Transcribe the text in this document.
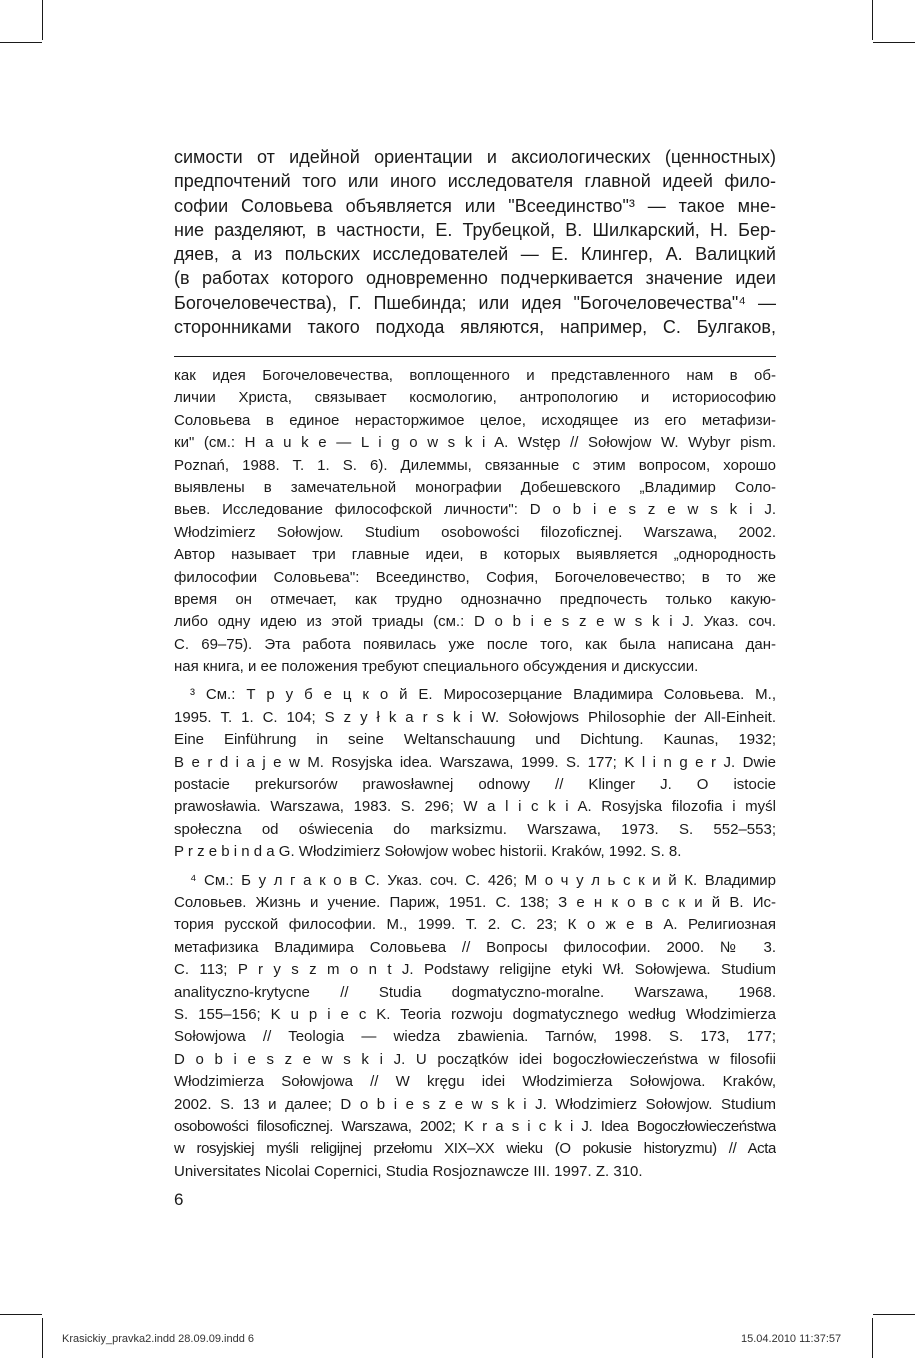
симости от идейной ориентации и аксиологических (ценностных)
предпочтений того или иного исследователя главной идеей фило-
софии Соловьева объявляется или "Всеединство"³ — такое мне-
ние разделяют, в частности, Е. Трубецкой, В. Шилкарский, Н. Бер-
дяев, а из польских исследователей — Е. Клингер, А. Валицкий
(в работах которого одновременно подчеркивается значение идеи
Богочеловечества), Г. Пшебинда; или идея "Богочеловечества"⁴ —
сторонниками такого подхода являются, например, С. Булгаков,
как идея Богочеловечества, воплощенного и представленного нам в об-
личии Христа, связывает космологию, антропологию и историософию
Соловьева в единое нерасторжимое целое, исходящее из его метафизи-
ки" (см.: H a u k e — L i g o w s k i A. Wstęp // Sołowjow W. Wybyr pism.
Poznań, 1988. T. 1. S. 6). Дилеммы, связанные с этим вопросом, хорошо
выявлены в замечательной монографии Добешевского „Владимир Соло-
вьев. Исследование философской личности": D o b i e s z e w s k i J.
Włodzimierz Sołowjow. Studium osobowości filozoficznej. Warszawa, 2002.
Автор называет три главные идеи, в которых выявляется „однородность
философии Соловьева": Всеединство, София, Богочеловечество; в то же
время он отмечает, как трудно однозначно предпочесть только какую-
либо одну идею из этой триады (см.: D o b i e s z e w s k i J. Указ. соч.
С. 69–75). Эта работа появилась уже после того, как была написана дан-
ная книга, и ее положения требуют специального обсуждения и дискуссии.
³ См.: Т р у б е ц к о й Е. Миросозерцание Владимира Соловьева. М.,
1995. Т. 1. С. 104; S z y ł k a r s k i W. Sołowjows Philosophie der All-Einheit.
Eine Einführung in seine Weltanschauung und Dichtung. Kaunas, 1932;
B e r d i a j e w M. Rosyjska idea. Warszawa, 1999. S. 177; K l i n g e r J. Dwie
postacie prekursorów prawosławnej odnowy // Klinger J. O istocie
prawosławia. Warszawa, 1983. S. 296; W a l i c k i A. Rosyjska filozofia i myśl
społeczna od oświecenia do marksizmu. Warszawa, 1973. S. 552–553;
P r z e b i n d a G. Włodzimierz Sołowjow wobec historii. Kraków, 1992. S. 8.
⁴ См.: Б у л г а к о в С. Указ. соч. С. 426; М о ч у л ь с к и й К. Владимир
Соловьев. Жизнь и учение. Париж, 1951. С. 138; З е н к о в с к и й В. Ис-
тория русской философии. М., 1999. Т. 2. С. 23; К о ж е в А. Религиозная
метафизика Владимира Соловьева // Вопросы философии. 2000. № 3.
С. 113; P r y s z m o n t J. Podstawy religijne etyki Wł. Sołowjewa. Studium
analityczno-krytycne // Studia dogmatyczno-moralne. Warszawa, 1968.
S. 155–156; K u p i e c K. Teoria rozwoju dogmatycznego według Włodzimierza
Sołowjowa // Teologia — wiedza zbawienia. Tarnów, 1998. S. 173, 177;
D o b i e s z e w s k i J. U początków idei bogoczłowieczeństwa w filosofii
Włodzimierza Sołowjowa // W kręgu idei Włodzimierza Sołowjowa. Kraków,
2002. S. 13 и далее; D o b i e s z e w s k i J. Włodzimierz Sołowjow. Studium
osobowości filosoficznej. Warszawa, 2002; K r a s i c k i J. Idea Bogoczłowieczeństwa
w rosyjskiej myśli religijnej przełomu XIX–XX wieku (O pokusie historyzmu) // Acta
Universitates Nicolai Copernici, Studia Rosjoznawcze III. 1997. Z. 310.
6
Krasickiy_pravka2.indd 28.09.09.indd 6	15.04.2010 11:37:57
